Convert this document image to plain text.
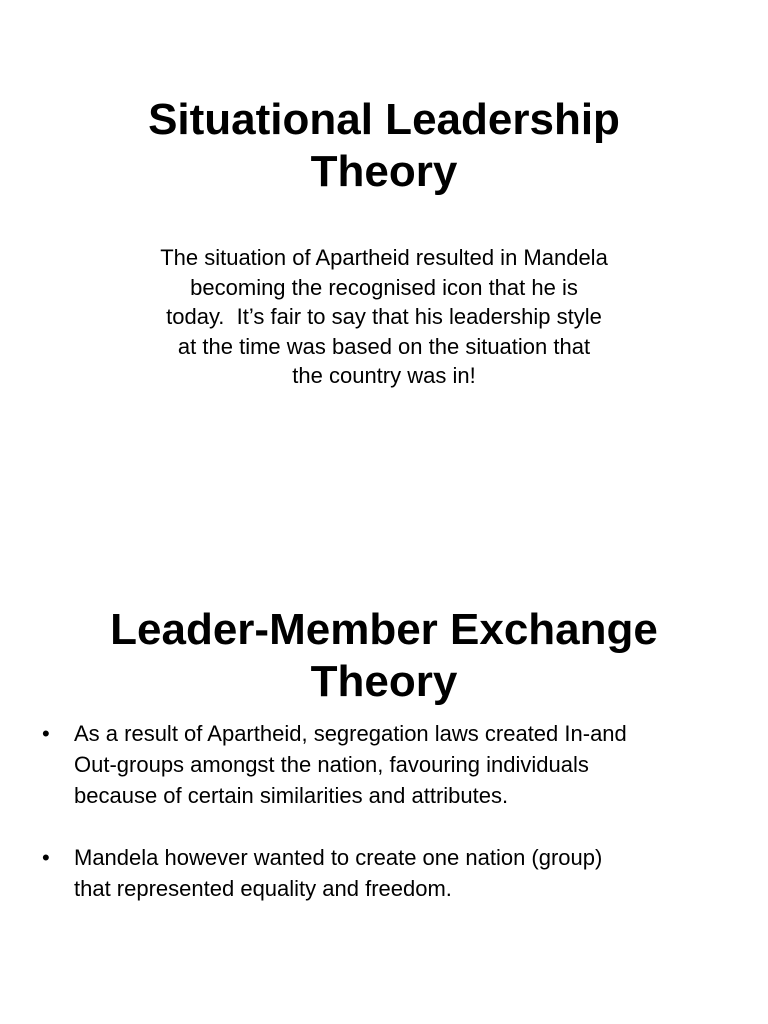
Situational Leadership
Theory

The situation of Apartheid resulted in Mandela
becoming the recognised icon that he is
today.  It’s fair to say that his leadership style
at the time was based on the situation that
the country was in!

Leader-Member Exchange
Theory
• As a result of Apartheid, segregation laws created In-and
Out-groups amongst the nation, favouring individuals
because of certain similarities and attributes.
• Mandela however wanted to create one nation (group)
that represented equality and freedom.
